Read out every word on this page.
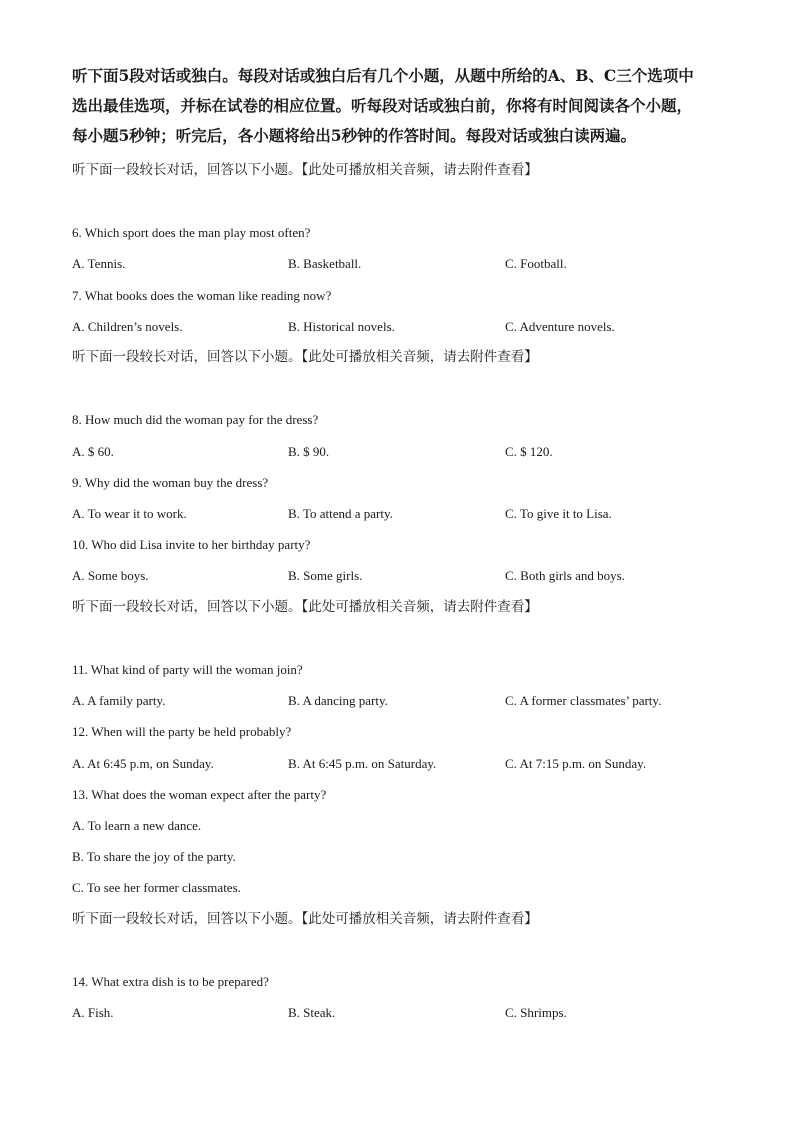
听下面5段对话或独白。每段对话或独白后有几个小题，从题中所给的A、B、C三个选项中
选出最佳选项，并标在试卷的相应位置。听每段对话或独白前，你将有时间阅读各个小题，
每小题5秒钟；听完后，各小题将给出5秒钟的作答时间。每段对话或独白读两遍。
听下面一段较长对话，回答以下小题。【此处可播放相关音频，请去附件查看】
6. Which sport does the man play most often?
A. Tennis.	B. Basketball.	C. Football.
7. What books does the woman like reading now?
A. Children’s novels.	B. Historical novels.	C. Adventure novels.
听下面一段较长对话，回答以下小题。【此处可播放相关音频，请去附件查看】
8. How much did the woman pay for the dress?
A. $ 60.	B. $ 90.	C. $ 120.
9. Why did the woman buy the dress?
A. To wear it to work.	B. To attend a party.	C. To give it to Lisa.
10. Who did Lisa invite to her birthday party?
A. Some boys.	B. Some girls.	C. Both girls and boys.
听下面一段较长对话，回答以下小题。【此处可播放相关音频，请去附件查看】
11. What kind of party will the woman join?
A. A family party.	B. A dancing party.	C. A former classmates’ party.
12. When will the party be held probably?
A. At 6:45 p.m, on Sunday.	B. At 6:45 p.m. on Saturday.	C. At 7:15 p.m. on Sunday.
13. What does the woman expect after the party?
A. To learn a new dance.
B. To share the joy of the party.
C. To see her former classmates.
听下面一段较长对话，回答以下小题。【此处可播放相关音频，请去附件查看】
14. What extra dish is to be prepared?
A. Fish.	B. Steak.	C. Shrimps.
